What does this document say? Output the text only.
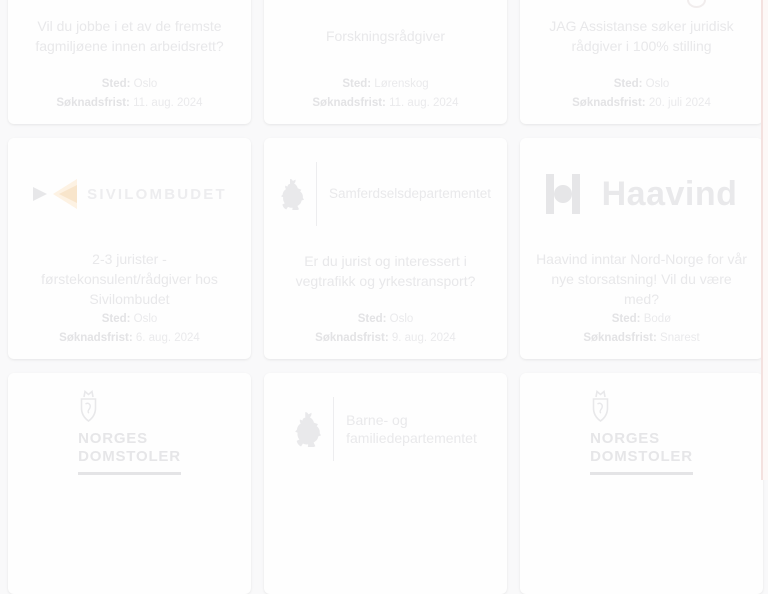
Vil du jobbe i et av de fremste fagmiljøene innen arbeidsrett?
Sted: Oslo
Søknadsfrist: 11. aug. 2024
Forskningsrådgiver
Sted: Lørenskog
Søknadsfrist: 11. aug. 2024
JAG Assistanse søker juridisk rådgiver i 100% stilling
Sted: Oslo
Søknadsfrist: 20. juli 2024
SIVILOMBUDET
2-3 jurister - førstekonsulent/rådgiver hos Sivilombudet
Sted: Oslo
Søknadsfrist: 6. aug. 2024
Samferdselsdepartementet
Er du jurist og interessert i vegtrafikk og yrkestransport?
Sted: Oslo
Søknadsfrist: 9. aug. 2024
Haavind
Haavind inntar Nord-Norge for vår nye storsatsning! Vil du være med?
Sted: Bodø
Søknadsfrist: Snarest
NORGES
DOMSTOLER
Barne- og
familiedepartementet	NORGES
DOMSTOLER
